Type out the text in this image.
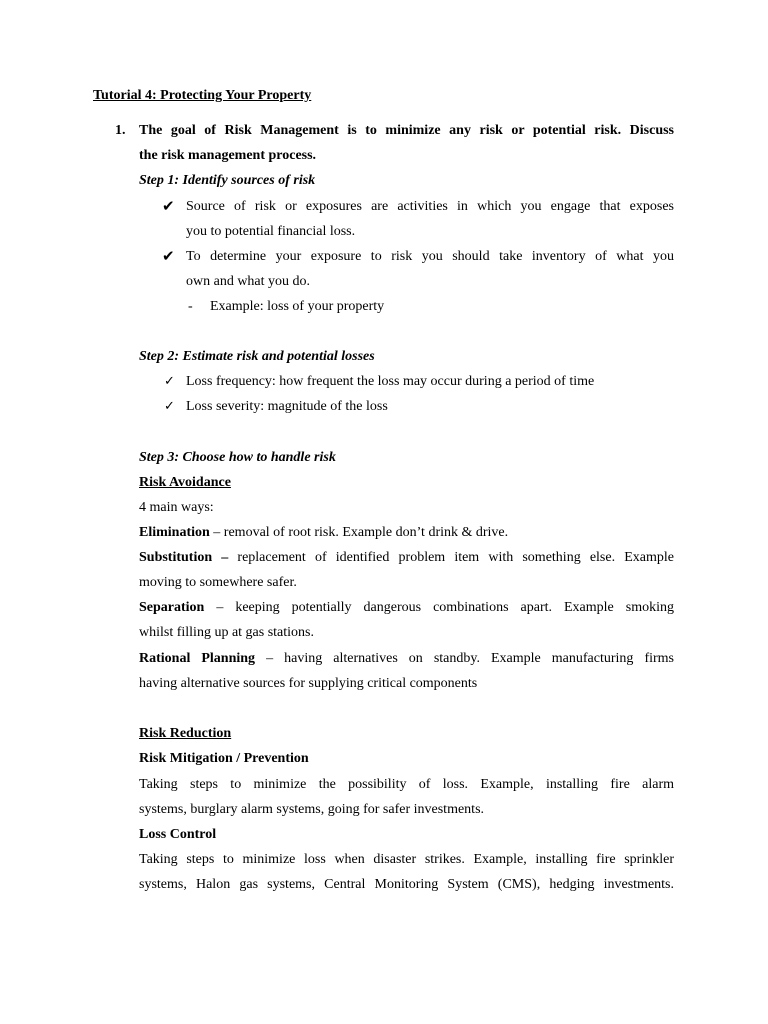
Tutorial 4: Protecting Your Property
1. The goal of Risk Management is to minimize any risk or potential risk. Discuss
the risk management process.
Step 1: Identify sources of risk
✔ Source of risk or exposures are activities in which you engage that exposes
you to potential financial loss.
✔ To determine your exposure to risk you should take inventory of what you
own and what you do.
- Example: loss of your property
Step 2: Estimate risk and potential losses
✓ Loss frequency: how frequent the loss may occur during a period of time
✓ Loss severity: magnitude of the loss
Step 3: Choose how to handle risk
Risk Avoidance
4 main ways:
Elimination – removal of root risk. Example don’t drink & drive.
Substitution – replacement of identified problem item with something else. Example
moving to somewhere safer.
Separation – keeping potentially dangerous combinations apart. Example smoking
whilst filling up at gas stations.
Rational Planning – having alternatives on standby. Example manufacturing firms
having alternative sources for supplying critical components
Risk Reduction
Risk Mitigation / Prevention
Taking steps to minimize the possibility of loss. Example, installing fire alarm
systems, burglary alarm systems, going for safer investments.
Loss Control
Taking steps to minimize loss when disaster strikes. Example, installing fire sprinkler
systems, Halon gas systems, Central Monitoring System (CMS), hedging investments.
